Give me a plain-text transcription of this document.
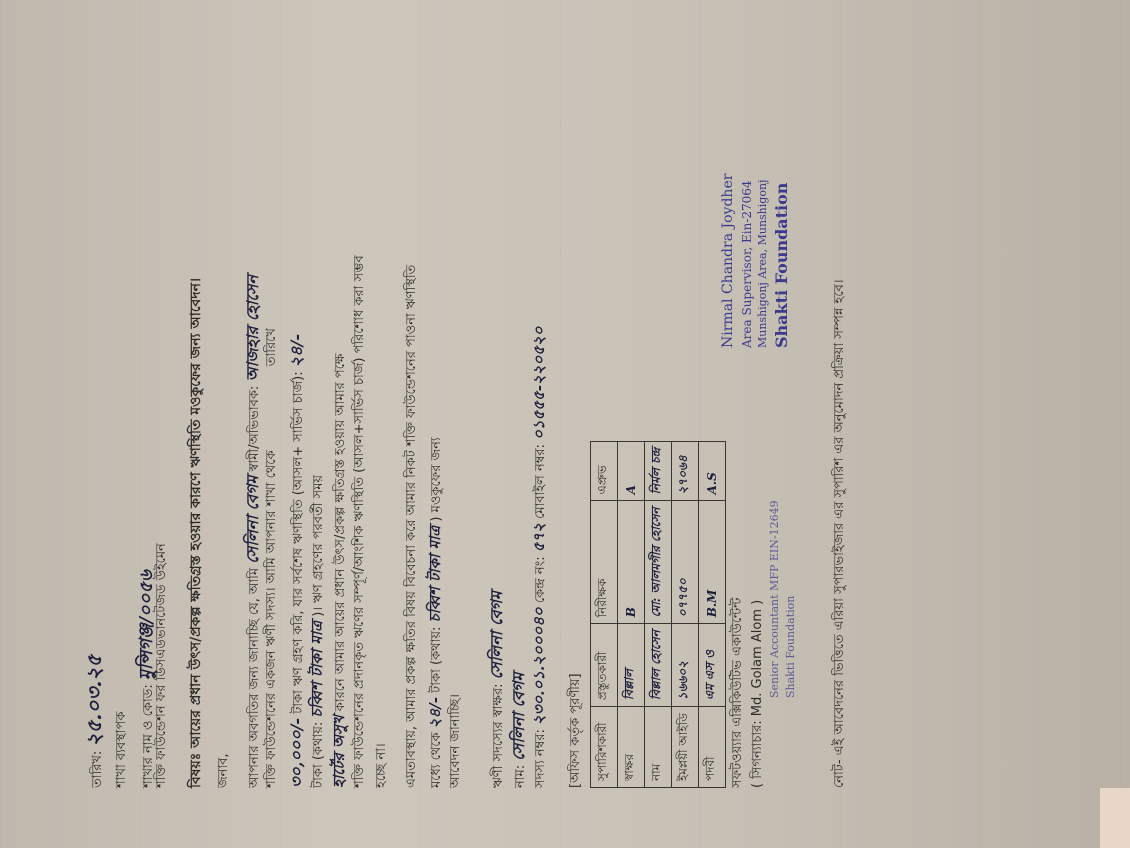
তারিখ: ২৫.০৩.২৫
শাখা ব্যবস্থাপক শাখার নাম ও কোড: মুন্সিগঞ্জ/০০৫৬
শক্তি ফাউন্ডেশন ফর ডিসএডভানটেজড উইমেন বিষয়ঃ আয়ের প্রধান উৎস/প্রকল্প ক্ষতিগ্রস্ত হওয়ার কারণে ঋণস্থিতি মওকুফের জন্য আবেদন। জনাব,	আপনার অবগতির জন্য জানাচ্ছি যে, আমি সেলিনা বেগম স্বামী/অভিভাবক: আজহার হোসেন
শক্তি ফাউন্ডেশনের একজন ঋণী সদস্য। আমি আপনার শাখা থেকে তারিখে
৩০,০০০/- টাকা ঋণ গ্রহণ করি, যার সর্বশেষ ঋণস্থিতি (আসল+ সার্ভিস চার্জ): ২৪/-
টাকা (কথায়: চব্বিশ টাকা মাত্র )। ঋণ গ্রহণের পরবর্তী সময়
হার্টের অসুখ কারনে আমার আয়ের প্রধান উৎস/প্রকল্প ক্ষতিগ্রস্ত হওয়ায় আমার পক্ষে শক্তি ফাউন্ডেশনের প্রদানকৃত ঋণের সম্পূর্ণ/আংশিক ঋণস্থিতি (আসল+সার্ভিস চার্জ) পরিশোধ করা সম্ভব হচ্ছে না।	এমতাবস্থায়, আমার প্রকল্প ক্ষতির বিষয় বিবেচনা করে আমার নিকট শক্তি ফাউন্ডেশনের পাওনা ঋণস্থিতি মধ্যে থেকে ২৪/- টাকা (কথায়: চব্বিশ টাকা মাত্র ) মওকুফের জন্য
আবেদন জানাচ্ছি।	ঋণী সদস্যের স্বাক্ষর: সেলিনা বেগম
নাম: সেলিনা বেগম সদস্য নম্বর: ২৩০.০১.২০০০৪০ কেন্দ্র নং: ৫৭২ মোবাইল নম্বর: ০১৫৫৫-২২০৫২০
[অফিস কর্তৃক পূরণীয়]	সুপারিশকারী	প্রস্তুতকারী	নিরীক্ষক	এপ্রুভ
স্বাক্ষর	বিল্লাল	B	A
নাম	বিল্লাল হোসেন	মো: আলমগীর হোসেন	নির্মল চন্দ্র
ইমপ্লয়ী আইডি	১৬৬০২	০৭৭৫০	২৭০৬৪
পদবী	এম এস ও	B.M	A.S
সফটওয়্যার এক্সিকিউটিভ একাউন্টেন্ট ( সিগন্যাচার: Md. Golam Alom ) Senior Accountant MFP EIN-12649 Shakti Foundation
Nirmal Chandra Joydher Area Supervisor, Ein-27064 Munshigonj Area, Munshigonj Shakti Foundation
নোট- এই আবেদনের ভিত্তিতে এরিয়া সুপারভাইজার এর সুপারিশ এর অনুমোদন প্রক্রিয়া সম্পন্ন হবে।
